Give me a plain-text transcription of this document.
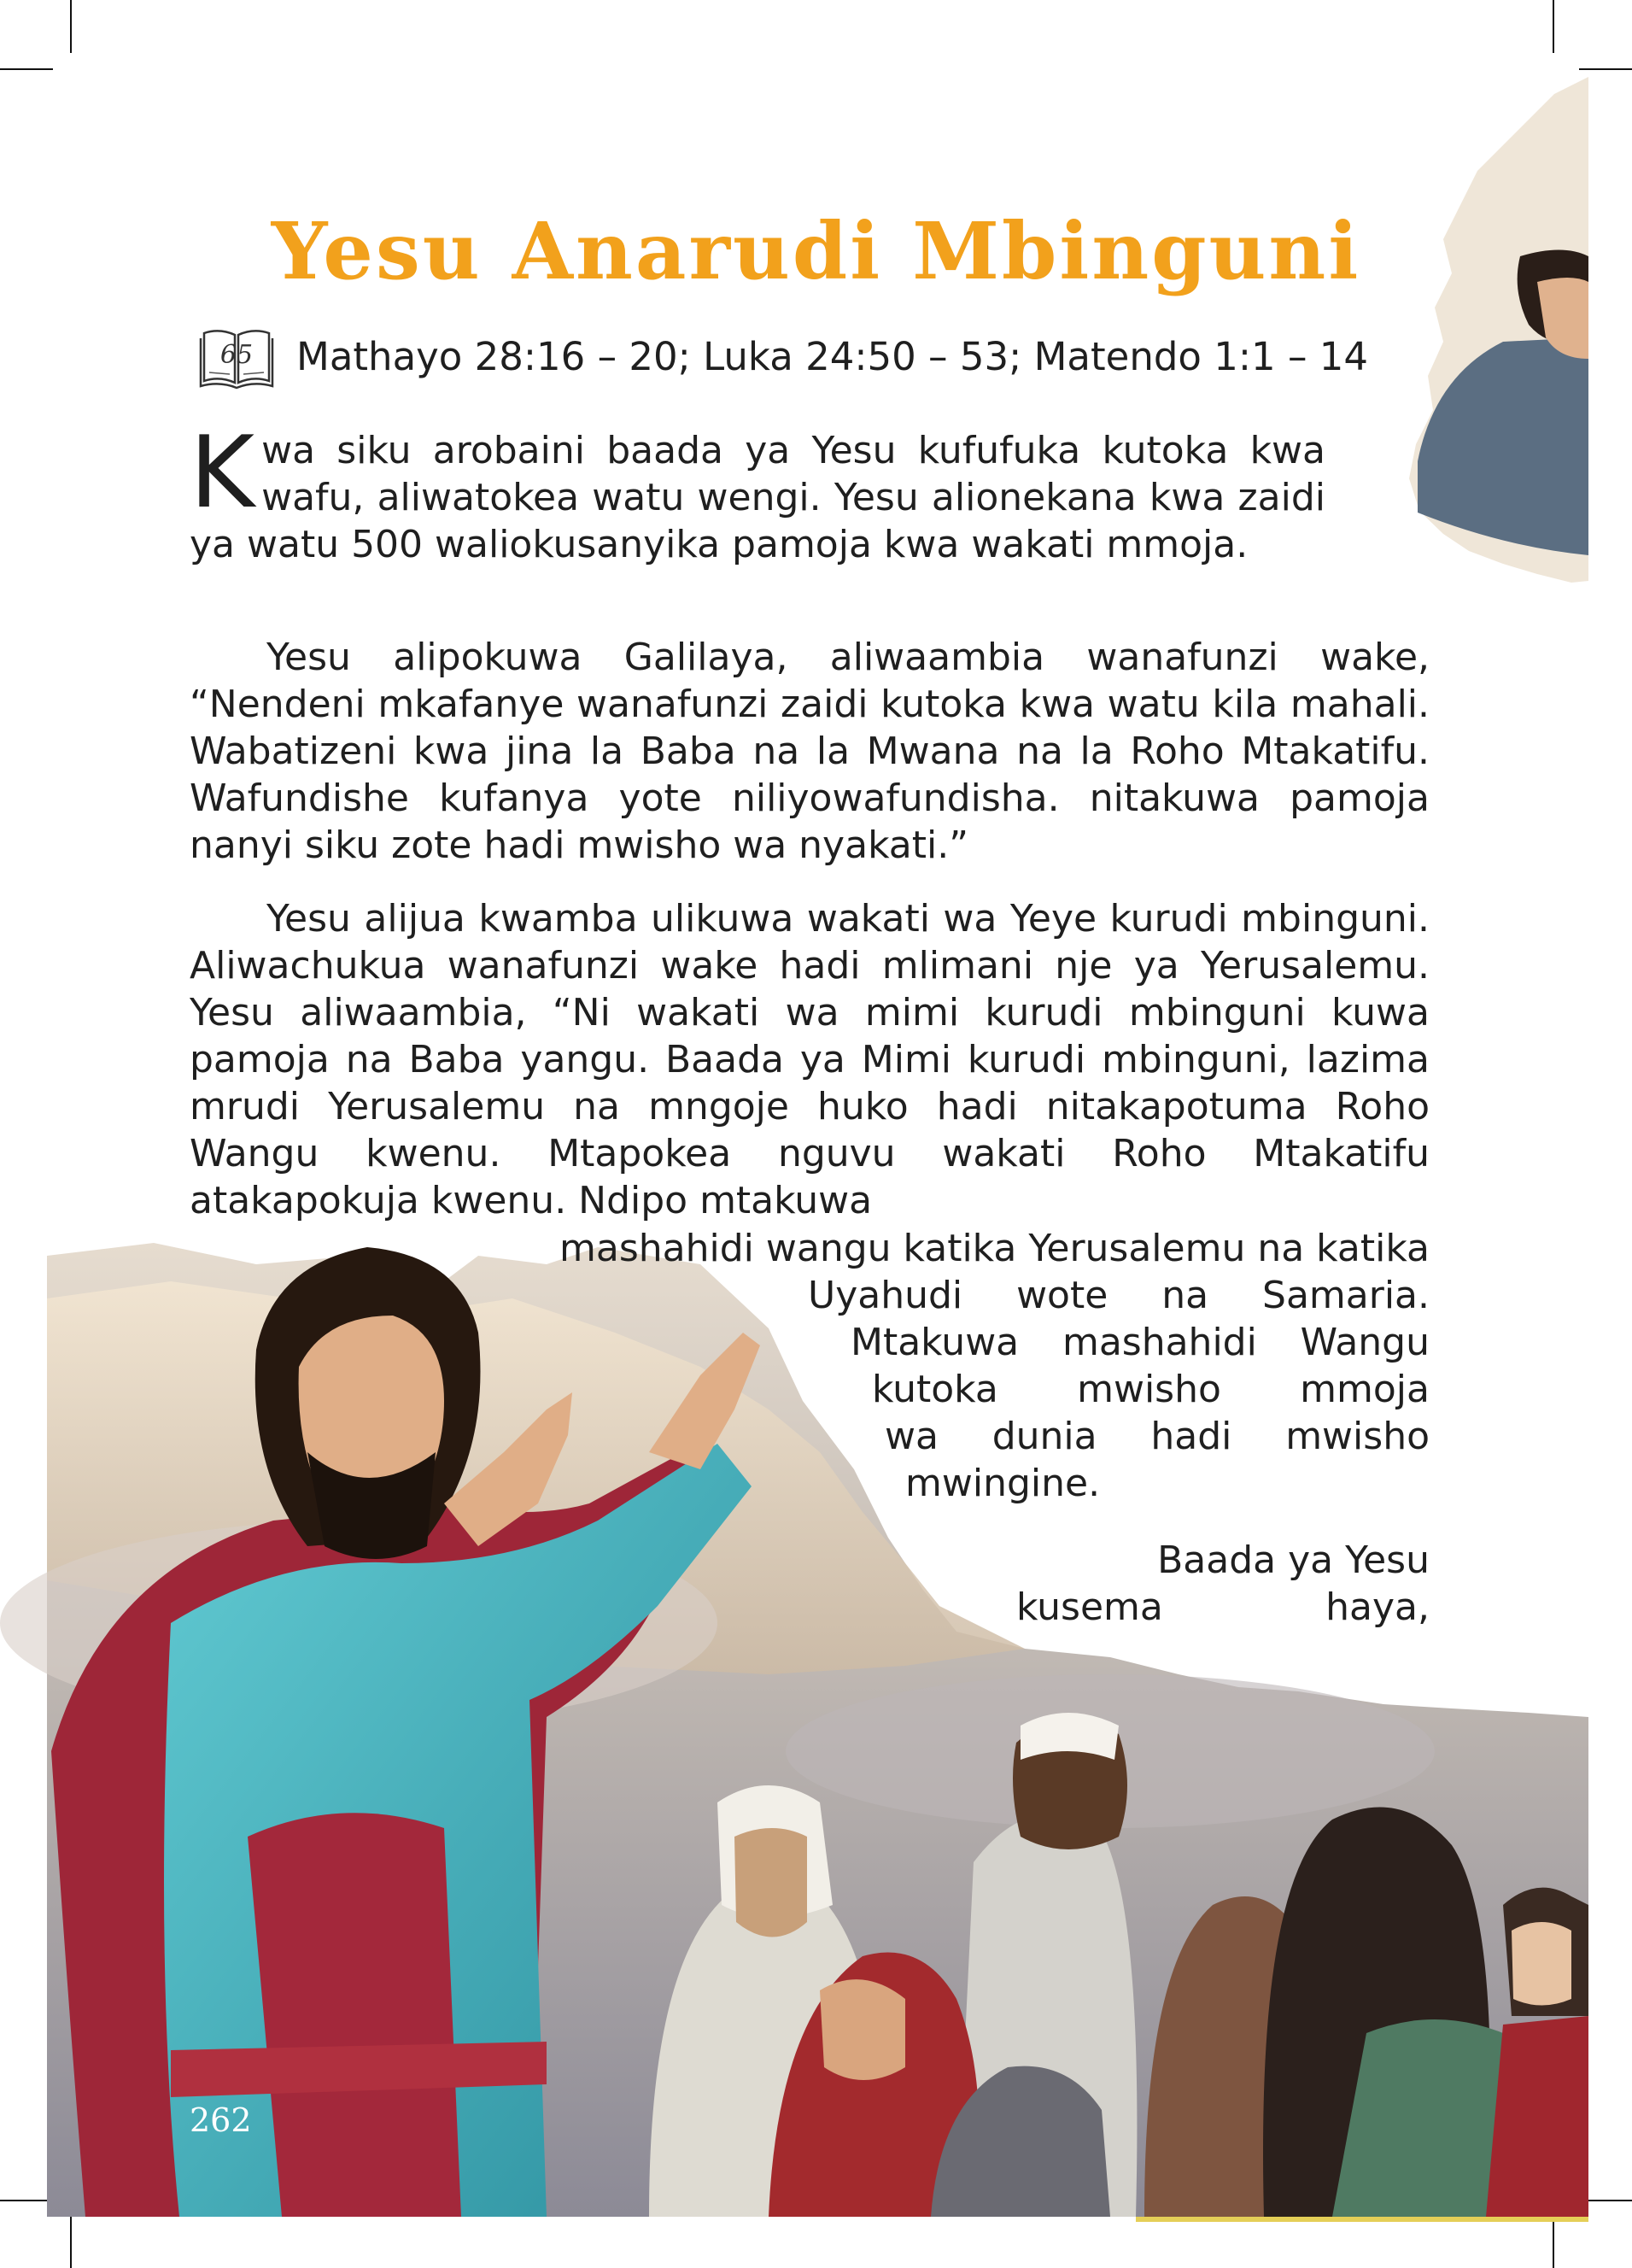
Yesu Anarudi Mbinguni
65 Mathayo 28:16 – 20; Luka 24:50 – 53; Matendo 1:1 – 14

Kwa siku arobaini baada ya Yesu kufufuka kutoka kwa wafu, aliwatokea watu wengi. Yesu alionekana kwa zaidi ya watu 500 waliokusanyika pamoja kwa wakati mmoja.

Yesu alipokuwa Galilaya, aliwaambia wanafunzi wake, “Nendeni mkafanye wanafunzi zaidi kutoka kwa watu kila mahali. Wabatizeni kwa jina la Baba na la Mwana na la Roho Mtakatifu. Wafundishe kufanya yote niliyowafundisha. nitakuwa pamoja nanyi siku zote hadi mwisho wa nyakati.”

Yesu alijua kwamba ulikuwa wakati wa Yeye kurudi mbinguni. Aliwachukua wanafunzi wake hadi mlimani nje ya Yerusalemu. Yesu aliwaambia, “Ni wakati wa mimi kurudi mbinguni kuwa pamoja na Baba yangu. Baada ya Mimi kurudi mbinguni, lazima mrudi Yerusalemu na mngoje huko hadi nitakapotuma Roho Wangu kwenu. Mtapokea nguvu wakati Roho Mtakatifu atakapokuja kwenu. Ndipo mtakuwa

mashahidi wangu katika Yerusalemu na katika
Uyahudi wote na Samaria.
Mtakuwa mashahidi Wangu
kutoka mwisho mmoja
wa dunia hadi mwisho
mwingine.
Baada ya Yesu
kusema haya,
262
